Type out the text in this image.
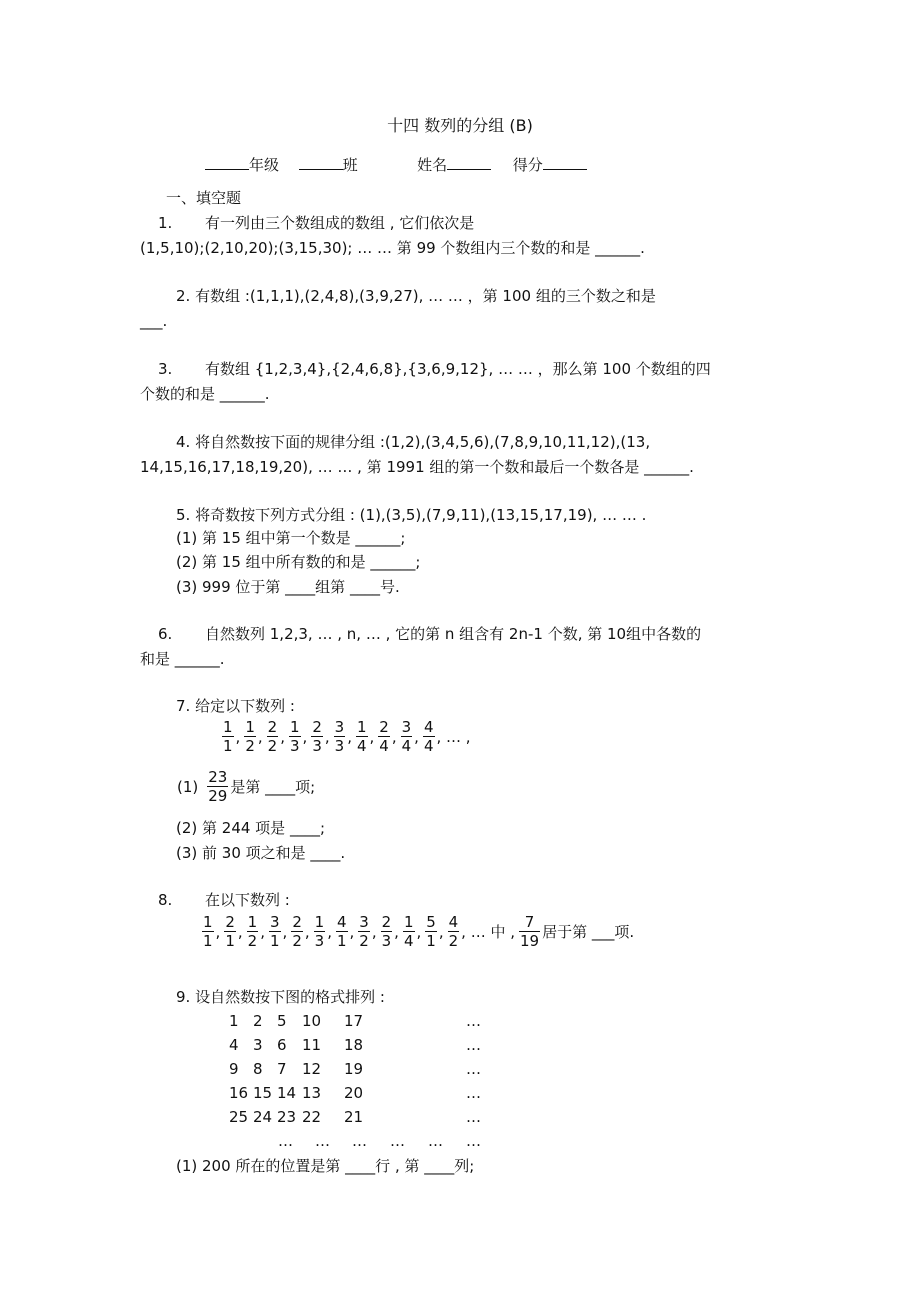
十四 数列的分组 (B)
年级	班	姓名	得分
一、填空题
1. 有一列由三个数组成的数组 , 它们依次是
(1,5,10);(2,10,20);(3,15,30); … … 第 99 个数组内三个数的和是 ______.
2. 有数组 :(1,1,1),(2,4,8),(3,9,27), … … ，第 100 组的三个数之和是
___.
3. 有数组 {1,2,3,4},{2,4,6,8},{3,6,9,12}, … … ，那么第 100 个数组的四
个数的和是 ______.
4. 将自然数按下面的规律分组 :(1,2),(3,4,5,6),(7,8,9,10,11,12),(13,
14,15,16,17,18,19,20), … … , 第 1991 组的第一个数和最后一个数各是 ______.
5. 将奇数按下列方式分组 : (1),(3,5),(7,9,11),(13,15,17,19), … … .
(1) 第 15 组中第一个数是 ______;
(2) 第 15 组中所有数的和是 ______;
(3) 999 位于第 ____组第 ____号.
6. 自然数列 1,2,3, … , n, … , 它的第 n 组含有 2n-1 个数, 第 10组中各数的
和是 ______.
7. 给定以下数列 :
$\frac{1}{1}$ , $\frac{1}{2}$ , $\frac{2}{2}$ , $\frac{1}{3}$ , $\frac{2}{3}$ , $\frac{3}{3}$ , $\frac{1}{4}$ , $\frac{2}{4}$ , $\frac{3}{4}$ , $\frac{4}{4}$ , … ,
$(1) \frac{23}{29}$ 是第 ____项;
(2) 第 244 项是 ____;
(3) 前 30 项之和是 ____.
8. 在以下数列 :
$\frac{1}{1}$ , $\frac{2}{1}$ , $\frac{1}{2}$ , $\frac{3}{1}$ , $\frac{2}{2}$ , $\frac{1}{3}$ , $\frac{4}{1}$ , $\frac{3}{2}$ , $\frac{2}{3}$ , $\frac{1}{4}$ , $\frac{5}{1}$ , $\frac{4}{2}$ , … 中 , $\frac{7}{19}$ 居于第 ___项.
9. 设自然数按下图的格式排列 :
1 2 5 10 17	…
4 3 6 11 18	…
9 8 7 12 19	…
16 15 14 13 20	…
25 24 23 22 21	…
… … … … … …
(1) 200 所在的位置是第 ____行 , 第 ____列;
